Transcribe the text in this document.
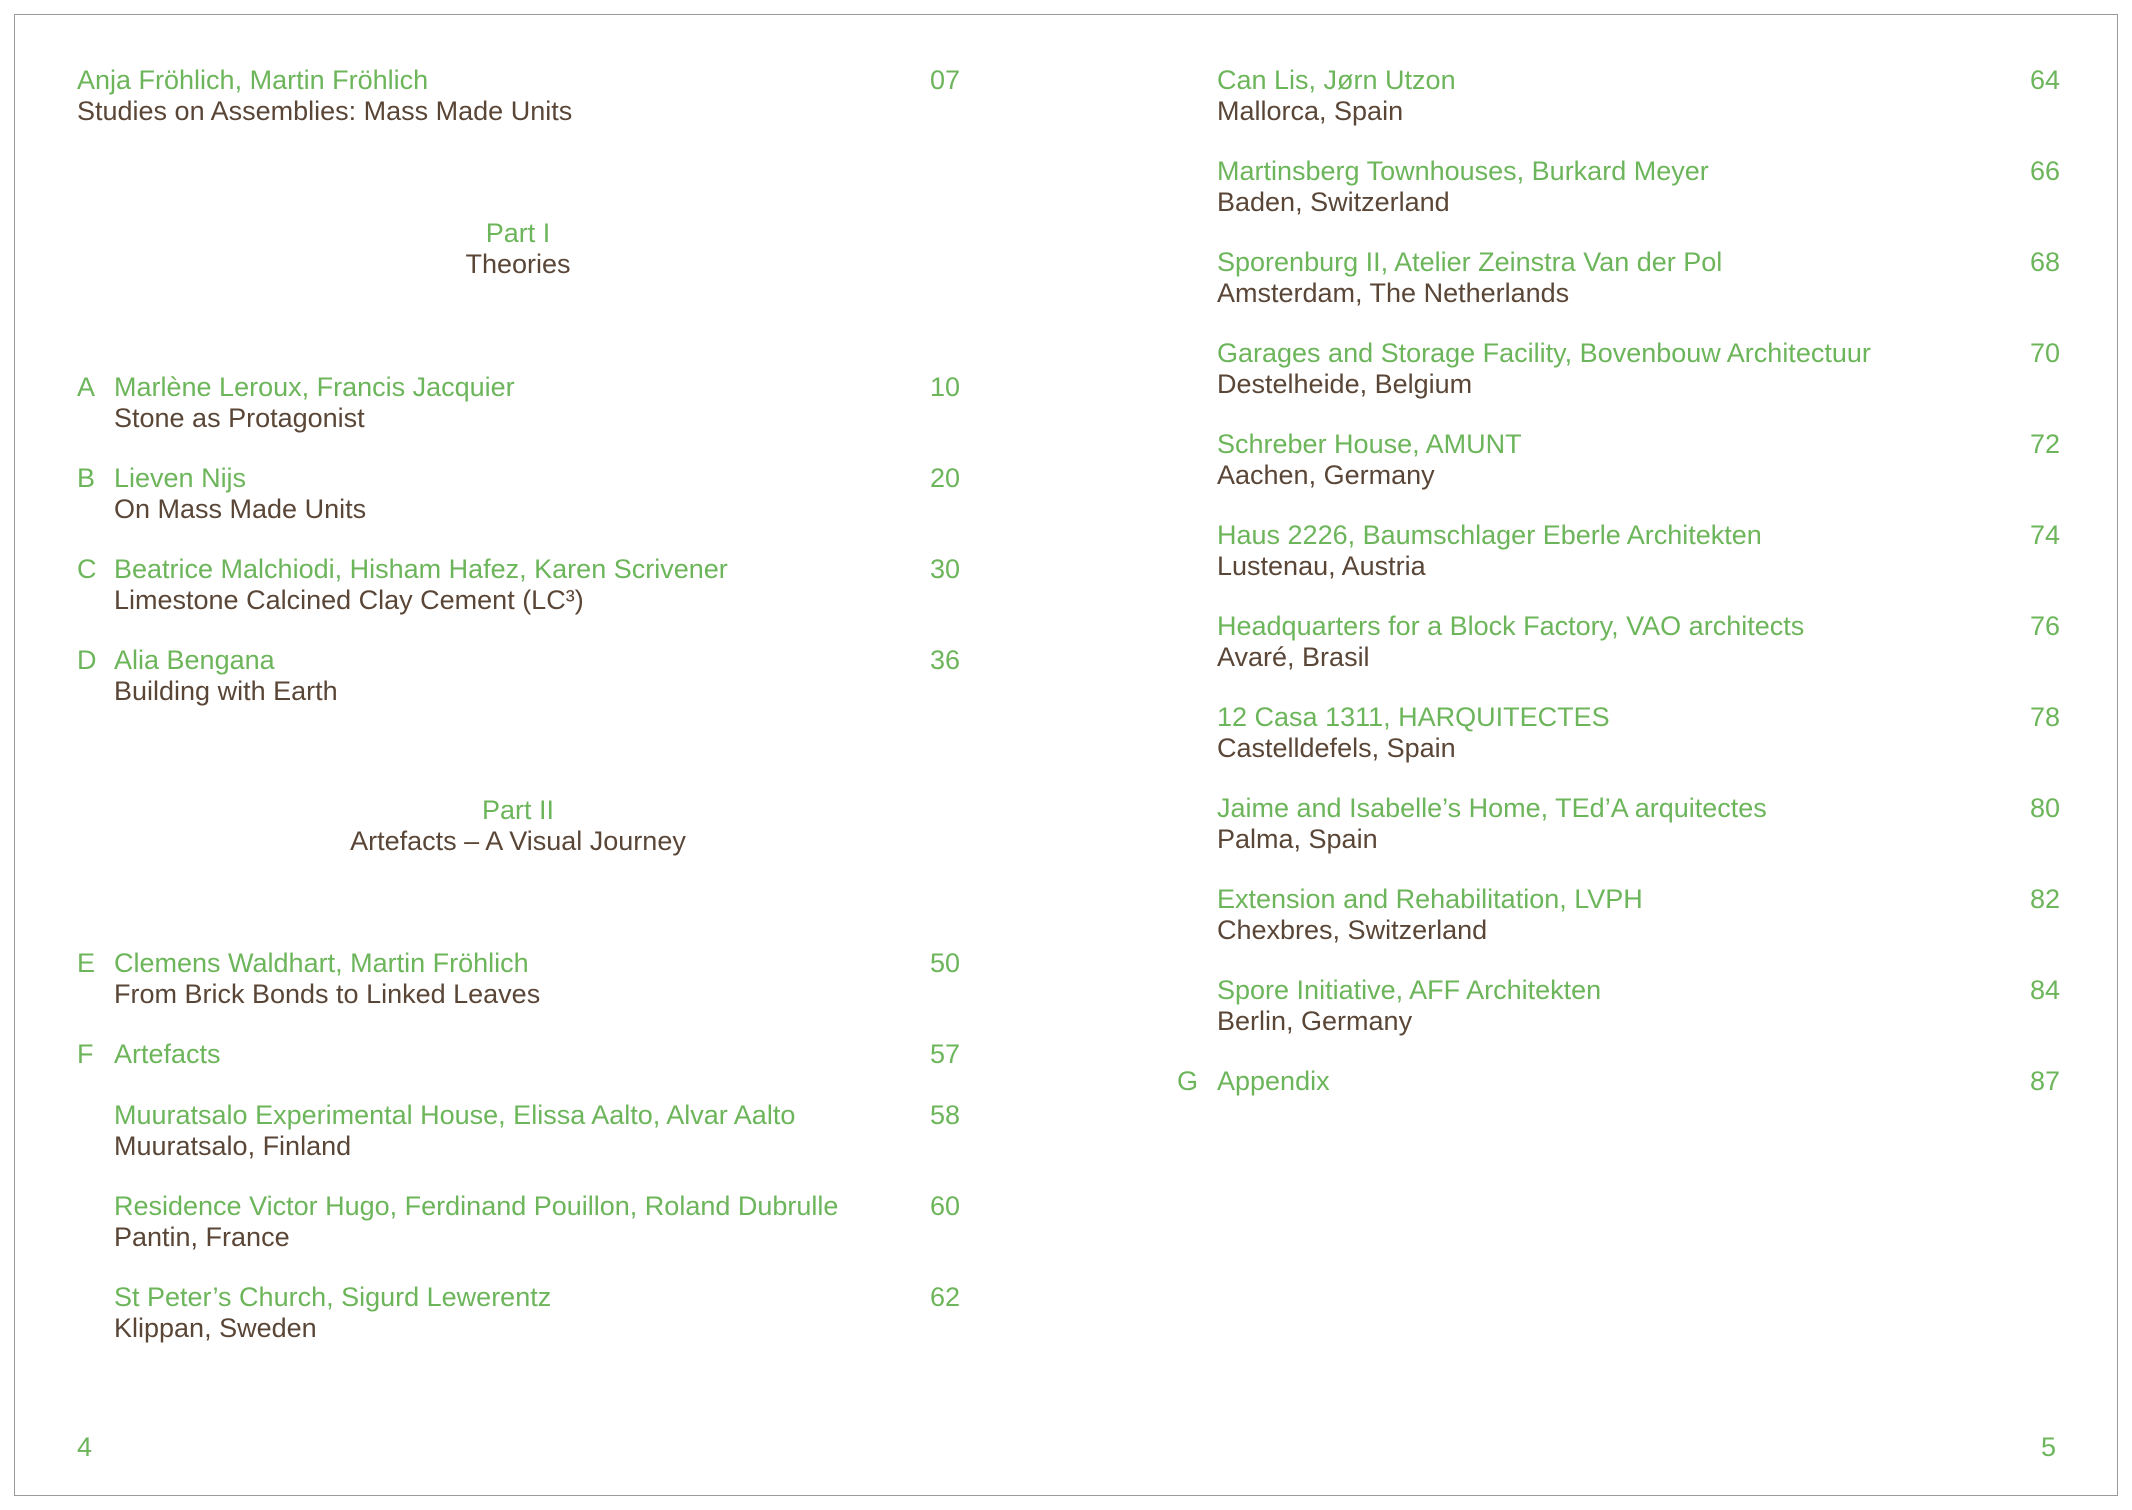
Anja Fröhlich, Martin Fröhlich
Studies on Assemblies: Mass Made Units
07
Part I
Theories
A Marlène Leroux, Francis Jacquier
Stone as Protagonist
10
B Lieven Nijs
On Mass Made Units
20
C Beatrice Malchiodi, Hisham Hafez, Karen Scrivener
Limestone Calcined Clay Cement (LC³)
30
D Alia Bengana
Building with Earth
36
Part II
Artefacts – A Visual Journey
E Clemens Waldhart, Martin Fröhlich
From Brick Bonds to Linked Leaves
50
F Artefacts	57
Muuratsalo Experimental House, Elissa Aalto, Alvar Aalto
Muuratsalo, Finland
58
Residence Victor Hugo, Ferdinand Pouillon, Roland Dubrulle
Pantin, France
60
St Peter’s Church, Sigurd Lewerentz
Klippan, Sweden
62
4
Can Lis, Jørn Utzon
Mallorca, Spain
64
Martinsberg Townhouses, Burkard Meyer
Baden, Switzerland
66
Sporenburg II, Atelier Zeinstra Van der Pol
Amsterdam, The Netherlands
68
Garages and Storage Facility, Bovenbouw Architectuur
Destelheide, Belgium
70
Schreber House, AMUNT
Aachen, Germany
72
Haus 2226, Baumschlager Eberle Architekten
Lustenau, Austria
74
Headquarters for a Block Factory, VAO architects
Avaré, Brasil
76
12 Casa 1311, HARQUITECTES
Castelldefels, Spain
78
Jaime and Isabelle’s Home, TEd’A arquitectes
Palma, Spain
80
Extension and Rehabilitation, LVPH
Chexbres, Switzerland
82
Spore Initiative, AFF Architekten
Berlin, Germany
84
G Appendix	87
5
